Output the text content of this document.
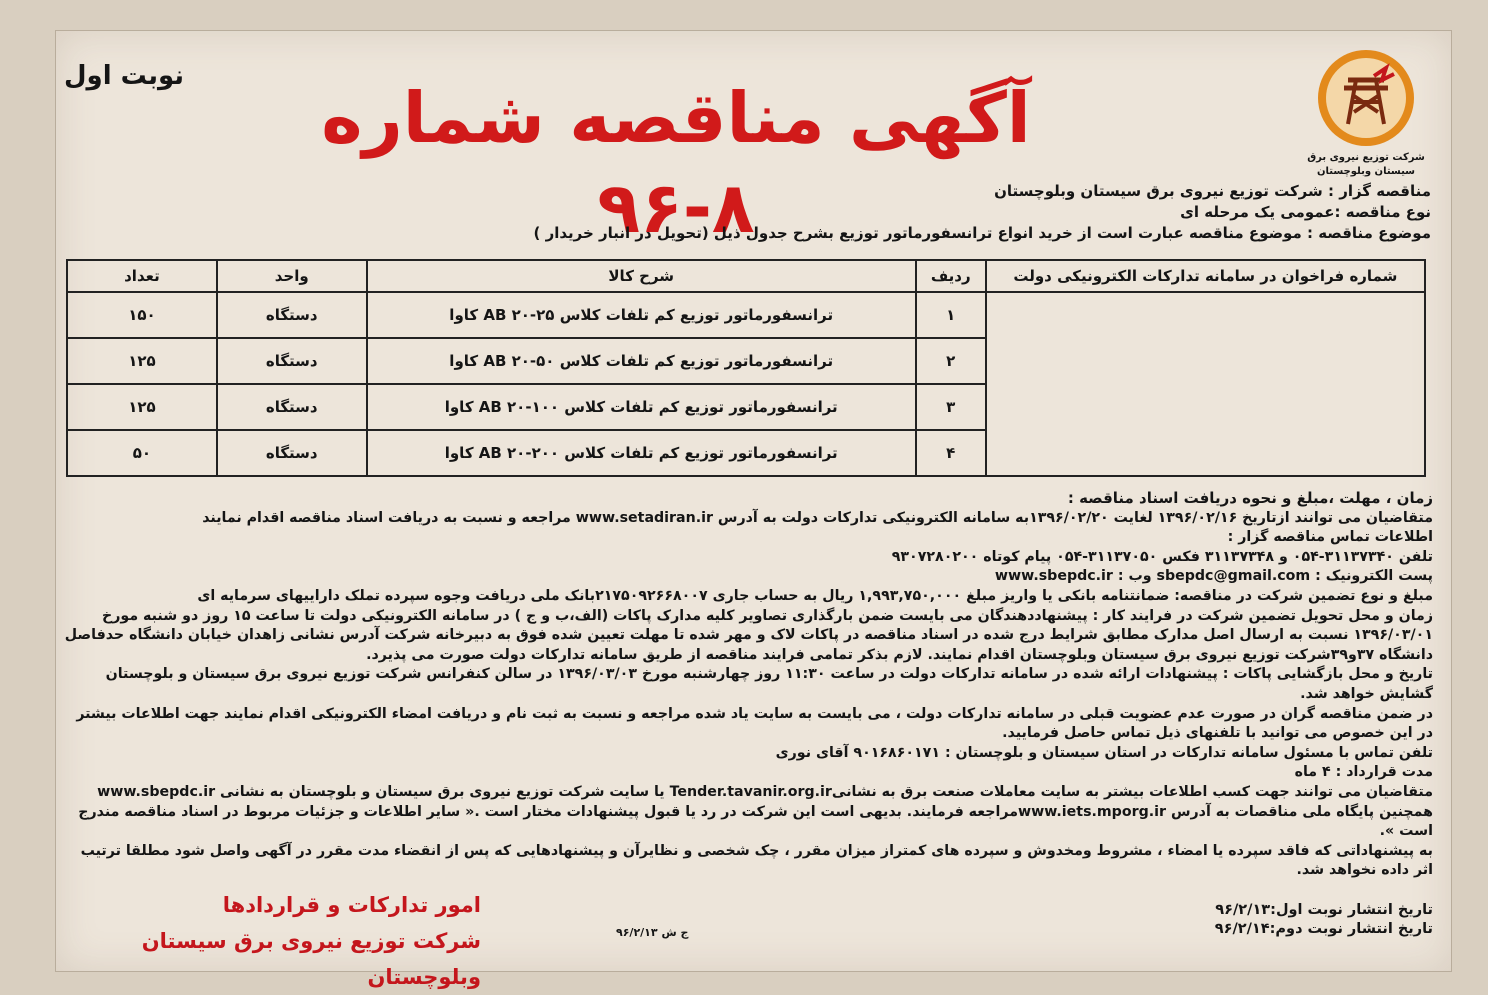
نوبت اول
آگهی مناقصه شماره ۸-۹۶
شرکت توزیع نیروی برق
سیستان وبلوچستان
مناقصه گزار : شرکت توزیع نیروی برق سیستان وبلوچستان
نوع مناقصه :عمومی یک مرحله ای
موضوع مناقصه : موضوع مناقصه عبارت است از خرید انواع ترانسفورماتور توزیع بشرح جدول ذیل (تحویل در انبار خریدار )
شماره فراخوان در سامانه تدارکات الکترونیکی دولت	ردیف	شرح کالا	واحد	تعداد
	۱	ترانسفورماتور توزیع کم تلفات کلاس AB ۲۰-۲۵ کاوا	دستگاه	۱۵۰
	۲	ترانسفورماتور توزیع کم تلفات کلاس AB ۲۰-۵۰ کاوا	دستگاه	۱۲۵
	۳	ترانسفورماتور توزیع کم تلفات کلاس AB ۲۰-۱۰۰ کاوا	دستگاه	۱۲۵
	۴	ترانسفورماتور توزیع کم تلفات کلاس AB ۲۰-۲۰۰ کاوا	دستگاه	۵۰

زمان ، مهلت ،مبلغ و نحوه دریافت اسناد مناقصه :

متقاضیان می توانند ازتاریخ ۱۳۹۶/۰۲/۱۶ لغایت ۱۳۹۶/۰۲/۲۰به سامانه الکترونیکی تدارکات دولت به آدرس www.setadiran.ir مراجعه و نسبت به دریافت اسناد مناقصه اقدام نمایند

اطلاعات تماس مناقصه گزار :

تلفن ۳۱۱۳۷۳۴۰-۰۵۴ و ۳۱۱۳۷۳۴۸ فکس ۳۱۱۳۷۰۵۰-۰۵۴ پیام کوتاه ۹۳۰۷۲۸۰۲۰۰

پست الکترونیک : sbepdc@gmail.com وب : www.sbepdc.ir

مبلغ و نوع تضمین شرکت در مناقصه: ضمانتنامه بانکی یا واریز مبلغ ۱,۹۹۳,۷۵۰,۰۰۰ ریال به حساب جاری ۲۱۷۵۰۹۲۶۶۸۰۰۷بانک ملی دریافت وجوه سپرده تملک داراییهای سرمایه ای

زمان و محل تحویل تضمین شرکت در فرایند کار : پیشنهاددهندگان می بایست ضمن بارگذاری تصاویر کلیه مدارک پاکات (الف،ب و ج ) در سامانه الکترونیکی دولت تا ساعت ۱۵ روز دو شنبه مورخ ۱۳۹۶/۰۳/۰۱ نسبت به ارسال اصل مدارک مطابق شرایط درج شده در اسناد مناقصه در پاکات لاک و مهر شده تا مهلت تعیین شده فوق به دبیرخانه شرکت آدرس نشانی زاهدان خیابان دانشگاه حدفاصل دانشگاه ۳۷و۳۹شرکت توزیع نیروی برق سیستان وبلوچستان اقدام نمایند. لازم بذکر تمامی فرایند مناقصه از طریق سامانه تدارکات دولت صورت می پذیرد.

تاریخ و محل بازگشایی پاکات : پیشنهادات ارائه شده در سامانه تدارکات دولت در ساعت ۱۱:۳۰ روز چهارشنبه مورخ ۱۳۹۶/۰۳/۰۳ در سالن کنفرانس شرکت توزیع نیروی برق سیستان و بلوچستان گشایش خواهد شد.

در ضمن مناقصه گران در صورت عدم عضویت قبلی در سامانه تدارکات دولت ، می بایست به سایت یاد شده مراجعه و نسبت به ثبت نام و دریافت امضاء الکترونیکی اقدام نمایند جهت اطلاعات بیشتر در این خصوص می توانید با تلفنهای ذیل تماس حاصل فرمایید.

تلفن تماس با مسئول سامانه تدارکات در استان سیستان و بلوچستان : ۹۰۱۶۸۶۰۱۷۱ آقای نوری

مدت قرارداد : ۴ ماه

متقاضیان می توانند جهت کسب اطلاعات بیشتر به سایت معاملات صنعت برق به نشانیTender.tavanir.org.ir یا سایت شرکت توزیع نیروی برق سیستان و بلوچستان به نشانی www.sbepdc.ir همچنین پایگاه ملی مناقصات به آدرس www.iets.mporg.irمراجعه فرمایند. بدیهی است این شرکت در رد یا قبول پیشنهادات مختار است .« سایر اطلاعات و جزئیات مربوط در اسناد مناقصه مندرج است ».

به پیشنهاداتی که فاقد سپرده یا امضاء ، مشروط ومخدوش و سپرده های کمتراز میزان مقرر ، چک شخصی و نظایرآن و پیشنهادهایی که پس از انقضاء مدت مقرر در آگهی واصل شود مطلقا ترتیب اثر داده نخواهد شد.

امور تدارکات و قراردادها
شرکت توزیع نیروی برق سیستان وبلوچستان
ج ش ۹۶/۲/۱۳
تاریخ انتشار نوبت اول:۹۶/۲/۱۳
تاریخ انتشار نوبت دوم:۹۶/۲/۱۴
